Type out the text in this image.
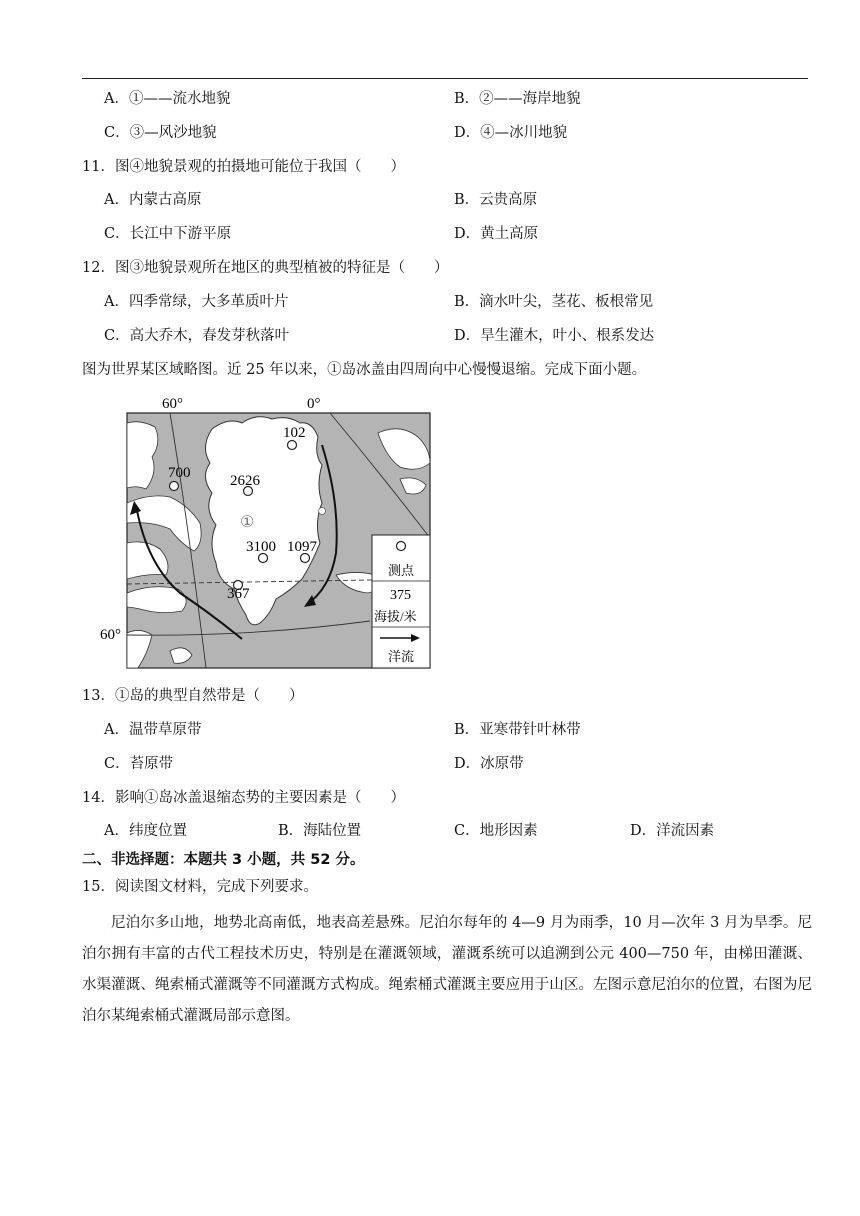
A．①——流水地貌	B．②——海岸地貌
C．③—风沙地貌	D．④—冰川地貌
11．图④地貌景观的拍摄地可能位于我国（　　）
A．内蒙古高原	B．云贵高原
C．长江中下游平原	D．黄土高原
12．图③地貌景观所在地区的典型植被的特征是（　　）
A．四季常绿，大多革质叶片	B．滴水叶尖，茎花、板根常见
C．高大乔木，春发芽秋落叶	D．旱生灌木，叶小、根系发达
图为世界某区域略图。近 25 年以来，①岛冰盖由四周向中心慢慢退缩。完成下面小题。
60°	0°
60°
102
700	2626
3100 1097
367
①
测点
375
海拔/米
洋流
13．①岛的典型自然带是（　　）
A．温带草原带	B．亚寒带针叶林带
C．苔原带	D．冰原带
14．影响①岛冰盖退缩态势的主要因素是（　　）
A．纬度位置	B．海陆位置	C．地形因素	D．洋流因素
二、非选择题：本题共 3 小题，共 52 分。
15．阅读图文材料，完成下列要求。
尼泊尔多山地，地势北高南低，地表高差悬殊。尼泊尔每年的 4—9 月为雨季，10 月—次年 3 月为旱季。尼泊尔拥有丰富的古代工程技术历史，特别是在灌溉领域，灌溉系统可以追溯到公元 400—750 年，由梯田灌溉、水渠灌溉、绳索桶式灌溉等不同灌溉方式构成。绳索桶式灌溉主要应用于山区。左图示意尼泊尔的位置，右图为尼泊尔某绳索桶式灌溉局部示意图。
